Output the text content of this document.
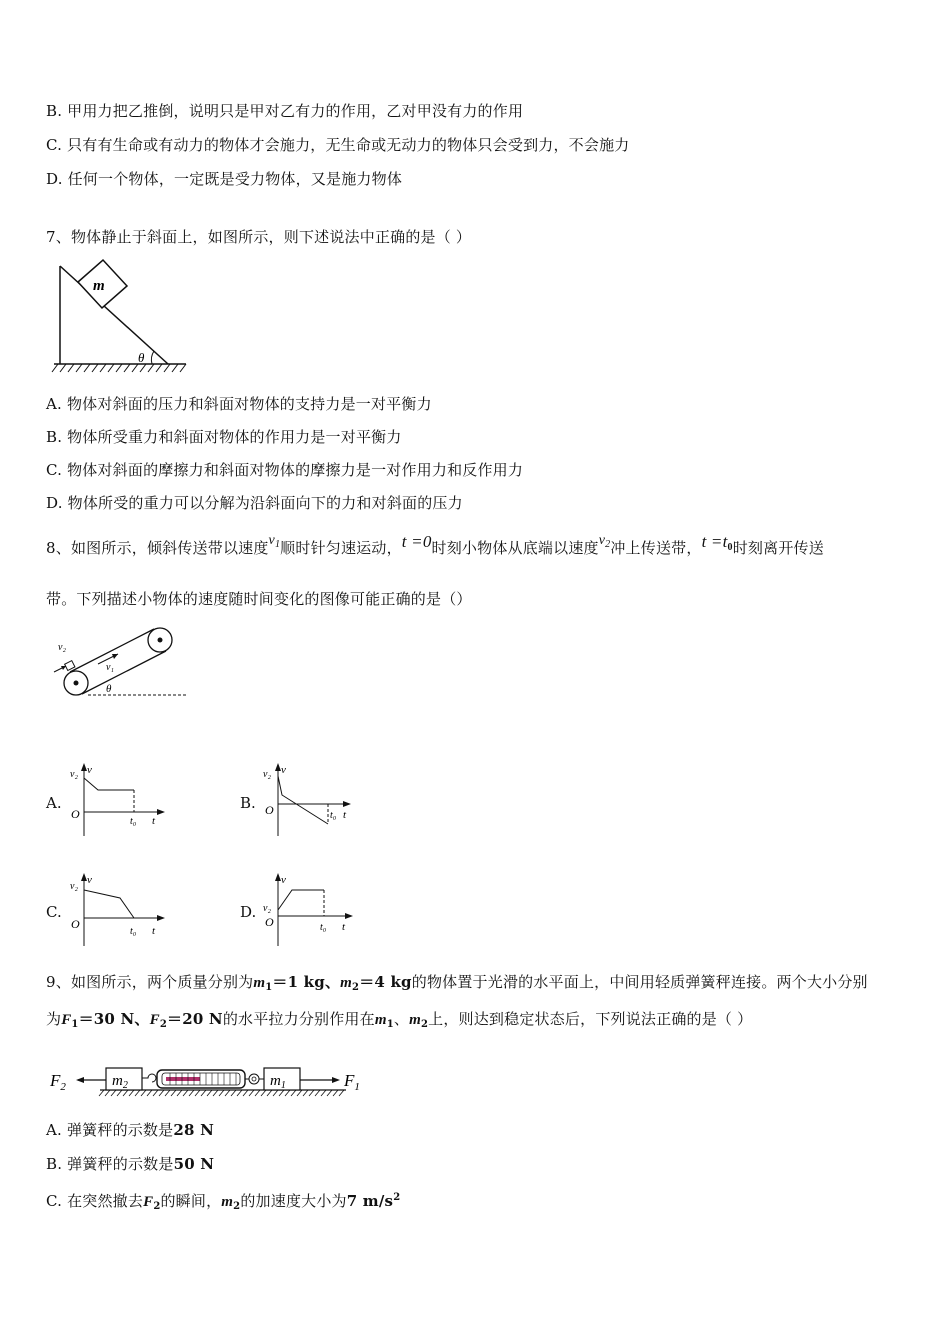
B. 甲用力把乙推倒，说明只是甲对乙有力的作用，乙对甲没有力的作用
C. 只有有生命或有动力的物体才会施力，无生命或无动力的物体只会受到力，不会施力
D. 任何一个物体，一定既是受力物体，又是施力物体
7、物体静止于斜面上，如图所示，则下述说法中正确的是（ ）
m
θ
A. 物体对斜面的压力和斜面对物体的支持力是一对平衡力
B. 物体所受重力和斜面对物体的作用力是一对平衡力
C. 物体对斜面的摩擦力和斜面对物体的摩擦力是一对作用力和反作用力
D. 物体所受的重力可以分解为沿斜面向下的力和对斜面的压力
8、如图所示，倾斜传送带以速度$v_1$顺时针匀速运动，t =0时刻小物体从底端以速度$v_2$冲上传送带，$t =t_0$时刻离开传送
带。下列描述小物体的速度随时间变化的图像可能正确的是（）
v₂
v₁
θ
A.
v₂ v
O
t₀ t
B.
v₂ v
O	t₀ t
C.
v₂
v
O
t₀ t
D. v₂
v
O	t₀ t
9、如图所示，两个质量分别为$m_1=1$ kg、$m_2=4$ kg的物体置于光滑的水平面上，中间用轻质弹簧秤连接。两个大小分别
为$F_1=30$ N、$F_2=20$ N的水平拉力分别作用在$m_1$、$m_2$上，则达到稳定状态后，下列说法正确的是（ ）
$F_2$	$m_2$	$m_1$	$F_1$
A. 弹簧秤的示数是28 N
B. 弹簧秤的示数是50 N
C. 在突然撤去$F_2$的瞬间，$m_2$的加速度大小为7 $m/s^2$
